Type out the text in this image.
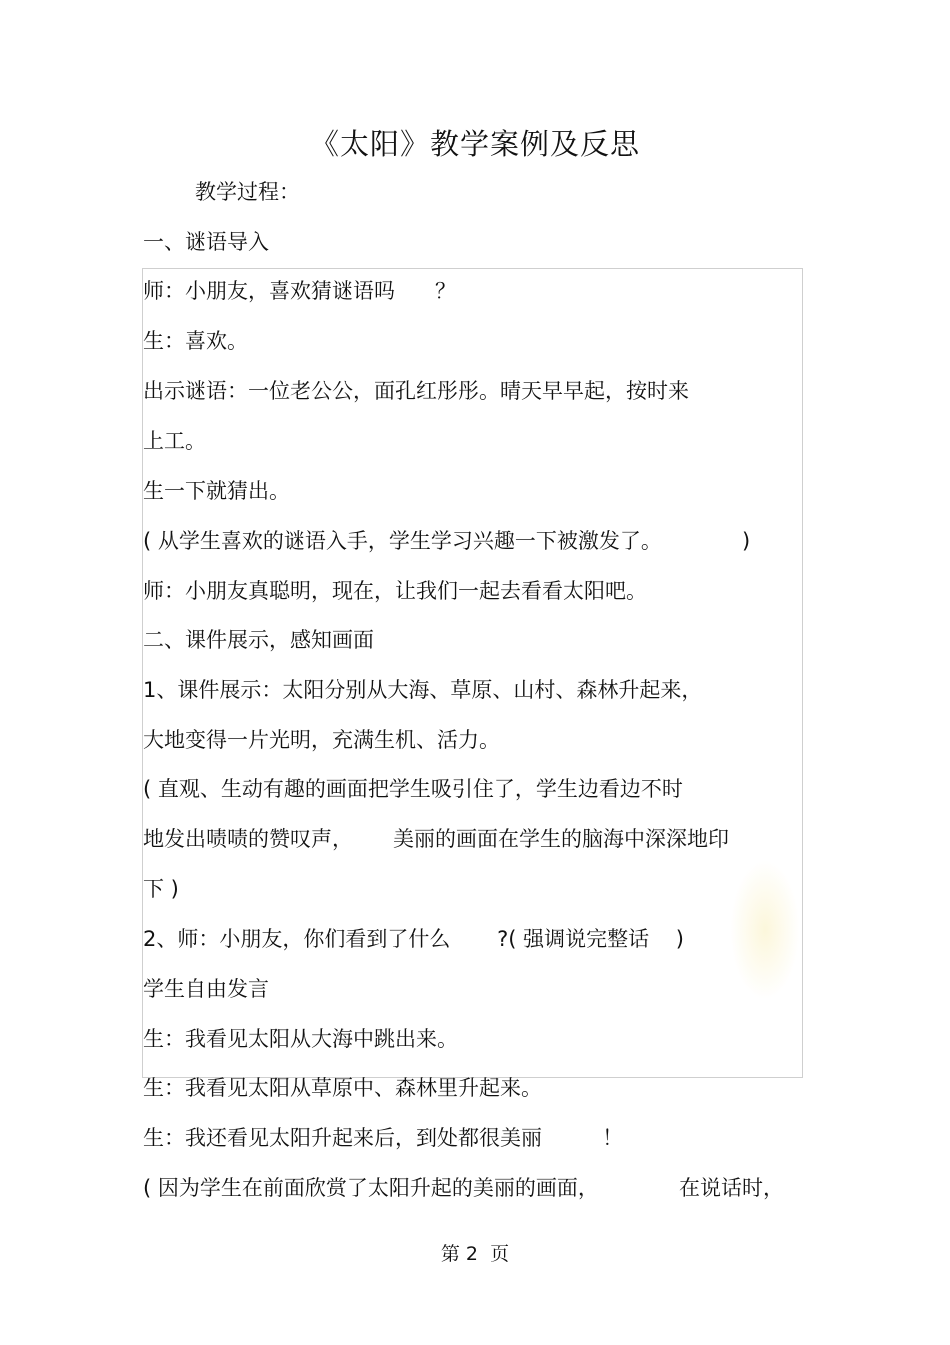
《太阳》教学案例及反思
教学过程：
一、谜语导入
师：小朋友，喜欢猜谜语吗      ？
生：喜欢。
出示谜语：一位老公公，面孔红彤彤。晴天早早起，按时来
上工。
生一下就猜出。
( 从学生喜欢的谜语入手，学生学习兴趣一下被激发了。            )
师：小朋友真聪明，现在，让我们一起去看看太阳吧。
二、课件展示，感知画面
1、课件展示：太阳分别从大海、草原、山村、森林升起来，
大地变得一片光明，充满生机、活力。
( 直观、生动有趣的画面把学生吸引住了，学生边看边不时
地发出啧啧的赞叹声，      美丽的画面在学生的脑海中深深地印
下 )
2、师：小朋友，你们看到了什么       ?( 强调说完整话    )
学生自由发言
生：我看见太阳从大海中跳出来。
生：我看见太阳从草原中、森林里升起来。
生：我还看见太阳升起来后，到处都很美丽         ！
( 因为学生在前面欣赏了太阳升起的美丽的画面，            在说话时，
第 2  页
